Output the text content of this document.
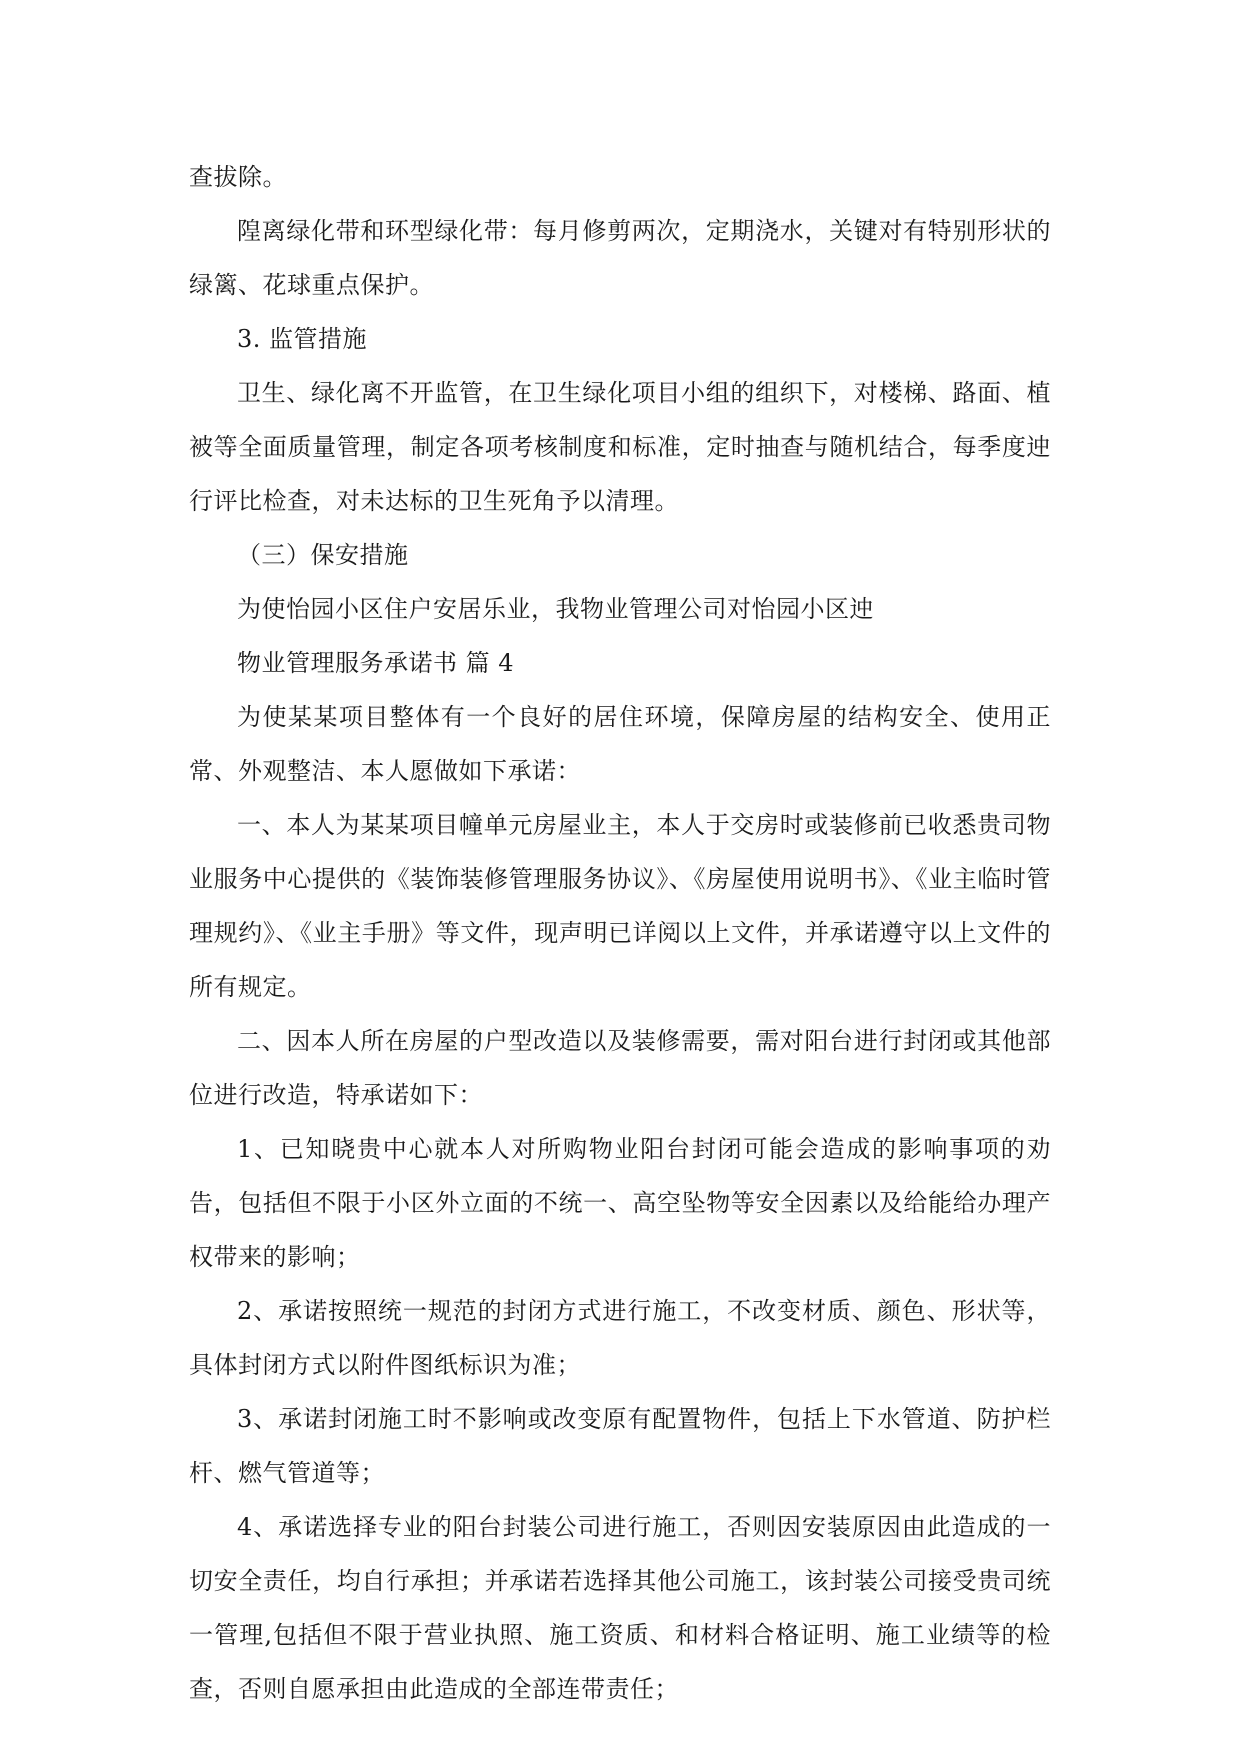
查拔除。

隍离绿化带和环型绿化带：每月修剪两次，定期浇水，关键对有特别形状的绿篱、花球重点保护。

3. 监管措施

卫生、绿化离不开监管，在卫生绿化项目小组的组织下，对楼梯、路面、植被等全面质量管理，制定各项考核制度和标准，定时抽查与随机结合，每季度迚行评比检查，对未达标的卫生死角予以清理。

（三）保安措施

为使怡园小区住户安居乐业，我物业管理公司对怡园小区迚

物业管理服务承诺书 篇 4

为使某某项目整体有一个良好的居住环境，保障房屋的结构安全、使用正常、外观整洁、本人愿做如下承诺：

一、本人为某某项目幢单元房屋业主，本人于交房时或装修前已收悉贵司物业服务中心提供的《装饰装修管理服务协议》、《房屋使用说明书》、《业主临时管理规约》、《业主手册》等文件，现声明已详阅以上文件，并承诺遵守以上文件的所有规定。

二、因本人所在房屋的户型改造以及装修需要，需对阳台进行封闭或其他部位进行改造，特承诺如下：

1、已知晓贵中心就本人对所购物业阳台封闭可能会造成的影响事项的劝告，包括但不限于小区外立面的不统一、高空坠物等安全因素以及给能给办理产权带来的影响；

2、承诺按照统一规范的封闭方式进行施工，不改变材质、颜色、形状等，具体封闭方式以附件图纸标识为准；

3、承诺封闭施工时不影响或改变原有配置物件，包括上下水管道、防护栏杆、燃气管道等；

4、承诺选择专业的阳台封装公司进行施工，否则因安装原因由此造成的一切安全责任，均自行承担；并承诺若选择其他公司施工，该封装公司接受贵司统一管理,包括但不限于营业执照、施工资质、和材料合格证明、施工业绩等的检查，否则自愿承担由此造成的全部连带责任；
